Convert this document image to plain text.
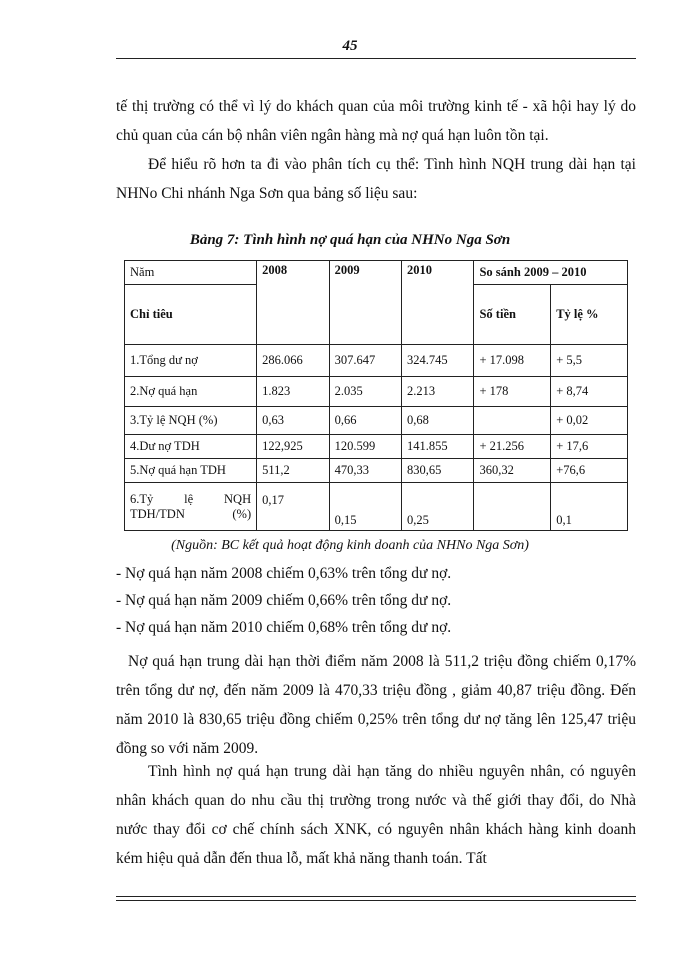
45

tế thị trường có thể vì lý do khách quan của môi trường kinh tế - xã hội hay lý do chủ quan của cán bộ nhân viên ngân hàng mà nợ quá hạn luôn tồn tại.

Để hiểu rõ hơn ta đi vào phân tích cụ thể: Tình hình NQH trung dài hạn tại NHNo Chi nhánh Nga Sơn qua bảng số liệu sau:

Bảng 7: Tình hình nợ quá hạn của NHNo Nga Sơn
Năm	2008	2009	2010	So sánh 2009 – 2010	
Chỉ tiêu				Số tiền	Tỷ lệ %
1.Tổng dư nợ	286.066	307.647	324.745	+ 17.098	+ 5,5
2.Nợ quá hạn	1.823	2.035	2.213	+ 178	+ 8,74
3.Tỷ lệ NQH (%)	0,63	0,66	0,68		+ 0,02
4.Dư nợ TDH	122,925	120.599	141.855	+ 21.256	+ 17,6
5.Nợ quá hạn TDH	511,2	470,33	830,65	360,32	+76,6
6.Tỷ lệ NQH TDH/TDN (%)	0,17	0,15	0,25		0,1
(Nguồn: BC kết quả hoạt động kinh doanh của NHNo Nga Sơn)

- Nợ quá hạn năm 2008 chiếm 0,63% trên tổng dư nợ.

- Nợ quá hạn năm 2009 chiếm 0,66% trên tổng dư nợ.

- Nợ quá hạn năm 2010 chiếm 0,68% trên tổng dư nợ.

Nợ quá hạn trung dài hạn thời điểm năm 2008 là 511,2 triệu đồng chiếm 0,17% trên tổng dư nợ, đến năm 2009 là 470,33 triệu đồng , giảm 40,87 triệu đồng. Đến năm 2010 là 830,65 triệu đồng chiếm 0,25% trên tổng dư nợ tăng lên 125,47 triệu đồng so với năm 2009.

Tình hình nợ quá hạn trung dài hạn tăng do nhiều nguyên nhân, có nguyên nhân khách quan do nhu cầu thị trường trong nước và thế giới thay đổi, do Nhà nước thay đổi cơ chế chính sách XNK, có nguyên nhân khách hàng kinh doanh kém hiệu quả dẫn đến thua lỗ, mất khả năng thanh toán. Tất
